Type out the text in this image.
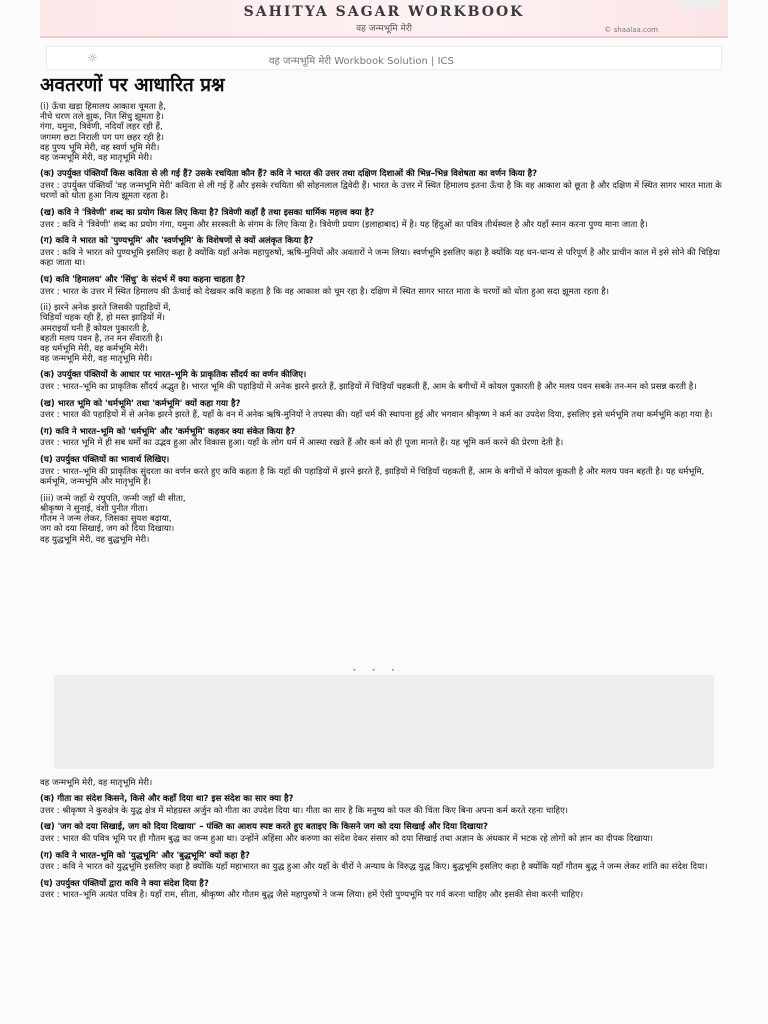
SAHITYA SAGAR WORKBOOK
वह जन्मभूमि मेरी	© shaalaa.com
☼	वह जन्मभूमि मेरी Workbook Solution | ICS
अवतरणों पर आधारित प्रश्न
(i) ऊँचा खड़ा हिमालय आकाश चूमता है,
नीचे चरण तले झुक, नित सिंधु झूमता है।
गंगा, यमुना, त्रिवेणी, नदियाँ लहर रही हैं,
जगमग छटा निराली पग पग छहर रही है।
वह पुण्य भूमि मेरी, वह स्वर्ण भूमि मेरी।
वह जन्मभूमि मेरी, वह मातृभूमि मेरी।
(क) उपर्युक्त पंक्तियाँ किस कविता से ली गई हैं? उसके रचयिता कौन हैं? कवि ने भारत की उत्तर तथा दक्षिण दिशाओं की भिन्न–भिन्न विशेषता का वर्णन किया है?
उत्तर : उपर्युक्त पंक्तियाँ 'वह जन्मभूमि मेरी' कविता से ली गई हैं और इसके रचयिता श्री सोहनलाल द्विवेदी हैं। भारत के उत्तर में स्थित हिमालय इतना ऊँचा है कि वह आकाश को छूता है और दक्षिण में स्थित सागर भारत माता के चरणों को धोता हुआ नित्य झूमता रहता है।
(ख) कवि ने 'त्रिवेणी' शब्द का प्रयोग किस लिए किया है? त्रिवेणी कहाँ है तथा इसका धार्मिक महत्त्व क्या है?
उत्तर : कवि ने 'त्रिवेणी' शब्द का प्रयोग गंगा, यमुना और सरस्वती के संगम के लिए किया है। त्रिवेणी प्रयाग (इलाहाबाद) में है। यह हिंदुओं का पवित्र तीर्थस्थल है और यहाँ स्नान करना पुण्य माना जाता है।
(ग) कवि ने भारत को 'पुण्यभूमि' और 'स्वर्णभूमि' के विशेषणों से क्यों अलंकृत किया है?
उत्तर : कवि ने भारत को पुण्यभूमि इसलिए कहा है क्योंकि यहाँ अनेक महापुरुषों, ऋषि-मुनियों और अवतारों ने जन्म लिया। स्वर्णभूमि इसलिए कहा है क्योंकि यह धन-धान्य से परिपूर्ण है और प्राचीन काल में इसे सोने की चिड़िया कहा जाता था।
(घ) कवि 'हिमालय' और 'सिंधु' के संदर्भ में क्या कहना चाहता है?
उत्तर : भारत के उत्तर में स्थित हिमालय की ऊँचाई को देखकर कवि कहता है कि वह आकाश को चूम रहा है। दक्षिण में स्थित सागर भारत माता के चरणों को धोता हुआ सदा झूमता रहता है।
(ii) झरने अनेक झरते जिसकी पहाड़ियों में,
चिड़ियाँ चहक रही हैं, हो मस्त झाड़ियों में।
अमराइयाँ घनी हैं कोयल पुकारती है,
बहती मलय पवन है, तन मन सँवारती है।
वह धर्मभूमि मेरी, वह कर्मभूमि मेरी।
वह जन्मभूमि मेरी, वह मातृभूमि मेरी।
(क) उपर्युक्त पंक्तियों के आधार पर भारत–भूमि के प्राकृतिक सौंदर्य का वर्णन कीजिए।
उत्तर : भारत–भूमि का प्राकृतिक सौंदर्य अद्भुत है। भारत भूमि की पहाड़ियों में अनेक झरने झरते हैं, झाड़ियों में चिड़ियाँ चहकती हैं, आम के बगीचों में कोयल पुकारती है और मलय पवन सबके तन-मन को प्रसन्न करती है।
(ख) भारत भूमि को 'धर्मभूमि' तथा 'कर्मभूमि' क्यों कहा गया है?
उत्तर : भारत की पहाड़ियों में से अनेक झरने झरते हैं, यहाँ के वन में अनेक ऋषि-मुनियों ने तपस्या की। यहाँ धर्म की स्थापना हुई और भगवान श्रीकृष्ण ने कर्म का उपदेश दिया, इसलिए इसे धर्मभूमि तथा कर्मभूमि कहा गया है।
(ग) कवि ने भारत–भूमि को 'धर्मभूमि' और 'कर्मभूमि' कहकर क्या संकेत किया है?
उत्तर : भारत भूमि में ही सब धर्मों का उद्भव हुआ और विकास हुआ। यहाँ के लोग धर्म में आस्था रखते हैं और कर्म को ही पूजा मानते हैं। यह भूमि कर्म करने की प्रेरणा देती है।
(घ) उपर्युक्त पंक्तियों का भावार्थ लिखिए।
उत्तर : भारत–भूमि की प्राकृतिक सुंदरता का वर्णन करते हुए कवि कहता है कि यहाँ की पहाड़ियों में झरने झरते हैं, झाड़ियों में चिड़ियाँ चहकती हैं, आम के बगीचों में कोयल कूकती है और मलय पवन बहती है। यह धर्मभूमि, कर्मभूमि, जन्मभूमि और मातृभूमि है।
(iii) जन्मे जहाँ थे रघुपति, जन्मी जहाँ थी सीता,
श्रीकृष्ण ने सुनाई, वंशी पुनीत गीता।
गौतम ने जन्म लेकर, जिसका सुयश बढ़ाया,
जग को दया सिखाई, जग को दिया दिखाया।
वह युद्धभूमि मेरी, वह बुद्धभूमि मेरी।
• • •
वह जन्मभूमि मेरी, वह मातृभूमि मेरी।
(क) गीता का संदेश किसने, किसे और कहाँ दिया था? इस संदेश का सार क्या है?
उत्तर : श्रीकृष्ण ने कुरुक्षेत्र के युद्ध क्षेत्र में मोहग्रस्त अर्जुन को गीता का उपदेश दिया था। गीता का सार है कि मनुष्य को फल की चिंता किए बिना अपना कर्म करते रहना चाहिए।
(ख) 'जग को दया सिखाई, जग को दिया दिखाया' – पंक्ति का आशय स्पष्ट करते हुए बताइए कि किसने जग को दया सिखाई और दिया दिखाया?
उत्तर : भारत की पवित्र भूमि पर ही गौतम बुद्ध का जन्म हुआ था। उन्होंने अहिंसा और करुणा का संदेश देकर संसार को दया सिखाई तथा अज्ञान के अंधकार में भटक रहे लोगों को ज्ञान का दीपक दिखाया।
(ग) कवि ने भारत–भूमि को 'युद्धभूमि' और 'बुद्धभूमि' क्यों कहा है?
उत्तर : कवि ने भारत को युद्धभूमि इसलिए कहा है क्योंकि यहाँ महाभारत का युद्ध हुआ और यहाँ के वीरों ने अन्याय के विरुद्ध युद्ध किए। बुद्धभूमि इसलिए कहा है क्योंकि यहाँ गौतम बुद्ध ने जन्म लेकर शांति का संदेश दिया।
(घ) उपर्युक्त पंक्तियों द्वारा कवि ने क्या संदेश दिया है?
उत्तर : भारत–भूमि अत्यंत पवित्र है। यहाँ राम, सीता, श्रीकृष्ण और गौतम बुद्ध जैसे महापुरुषों ने जन्म लिया। हमें ऐसी पुण्यभूमि पर गर्व करना चाहिए और इसकी सेवा करनी चाहिए।
